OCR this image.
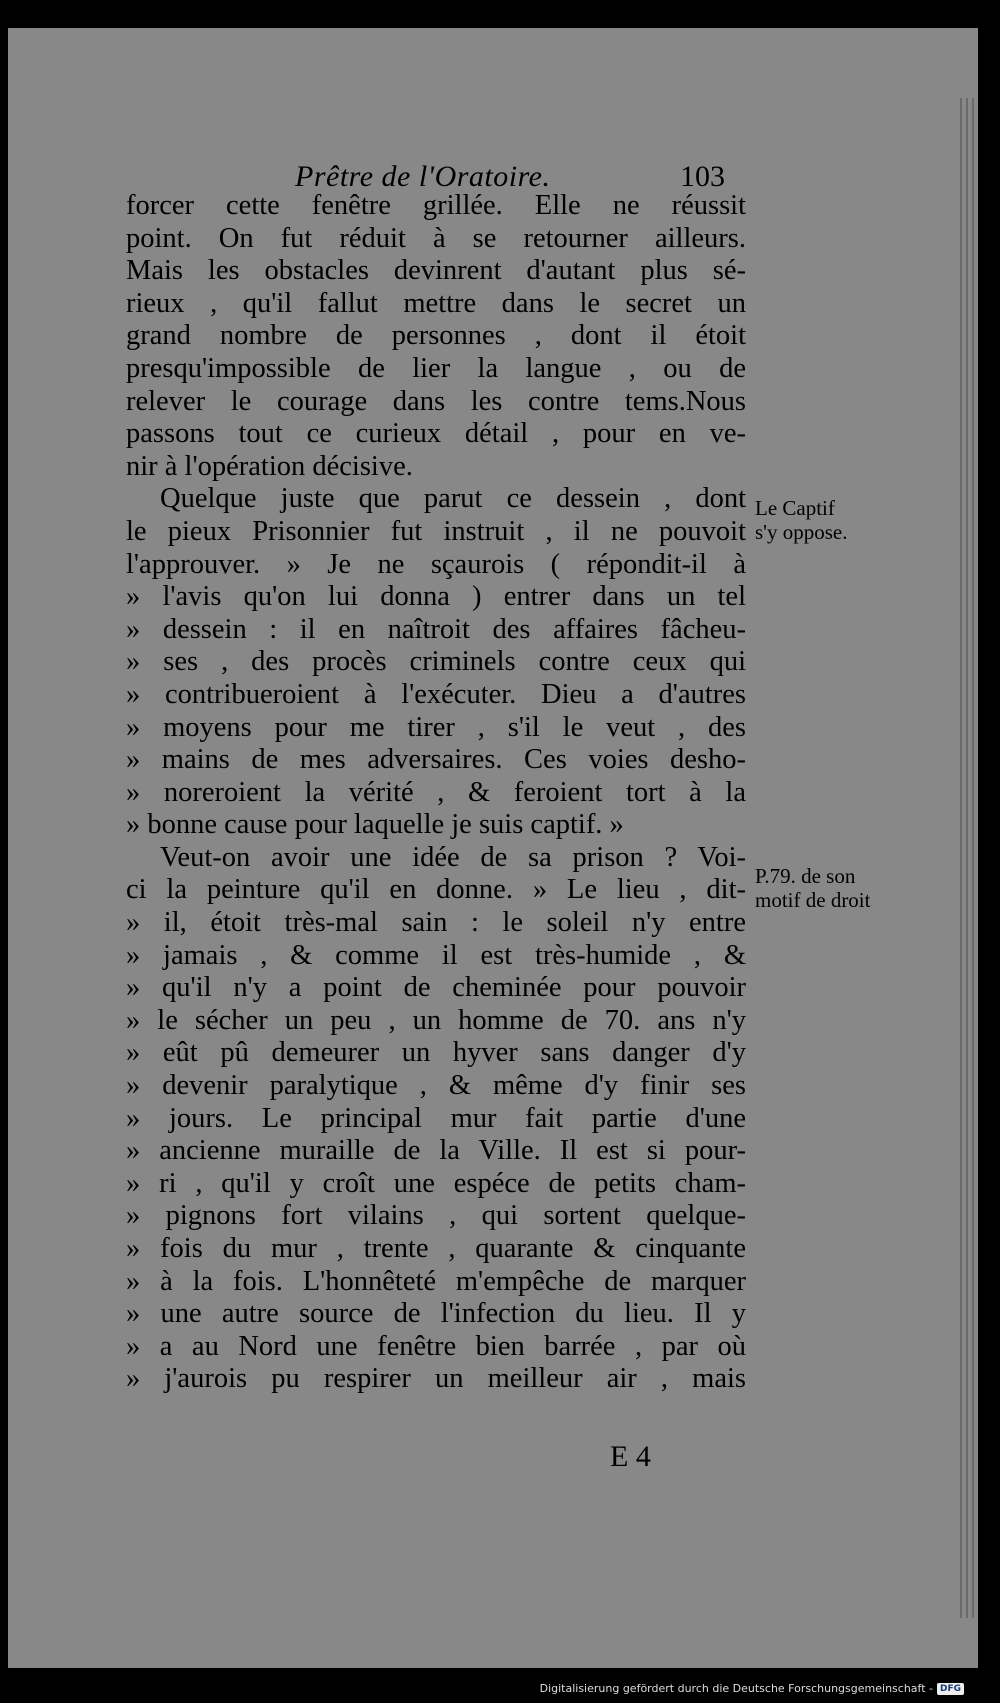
Prêtre de l'Oratoire.	103
forcer cette fenêtre grillée. Elle ne réussit
point. On fut réduit à se retourner ailleurs.
Mais les obstacles devinrent d'autant plus sé-
rieux , qu'il fallut mettre dans le secret un
grand nombre de personnes , dont il étoit
presqu'impossible de lier la langue , ou de
relever le courage dans les contre tems.Nous
passons tout ce curieux détail , pour en ve-
nir à l'opération décisive.
Quelque juste que parut ce dessein , dont
le pieux Prisonnier fut instruit , il ne pouvoit
l'approuver. » Je ne sçaurois ( répondit-il à
» l'avis qu'on lui donna ) entrer dans un tel
» dessein : il en naîtroit des affaires fâcheu-
» ses , des procès criminels contre ceux qui
» contribueroient à l'exécuter. Dieu a d'autres
» moyens pour me tirer , s'il le veut , des
» mains de mes adversaires. Ces voies desho-
» noreroient la vérité , & feroient tort à la
» bonne cause pour laquelle je suis captif. »
Veut-on avoir une idée de sa prison ? Voi-
ci la peinture qu'il en donne. » Le lieu , dit-
» il, étoit très-mal sain : le soleil n'y entre
» jamais , & comme il est très-humide , &
» qu'il n'y a point de cheminée pour pouvoir
» le sécher un peu , un homme de 70. ans n'y
» eût pû demeurer un hyver sans danger d'y
» devenir paralytique , & même d'y finir ses
» jours. Le principal mur fait partie d'une
» ancienne muraille de la Ville. Il est si pour-
» ri , qu'il y croît une espéce de petits cham-
» pignons fort vilains , qui sortent quelque-
» fois du mur , trente , quarante & cinquante
» à la fois. L'honnêteté m'empêche de marquer
» une autre source de l'infection du lieu. Il y
» a au Nord une fenêtre bien barrée , par où
» j'aurois pu respirer un meilleur air , mais
Le Captif
s'y oppose.
P.79. de son
motif de droit
E 4
Digitalisierung gefördert durch die Deutsche Forschungsgemeinschaft - DFG
